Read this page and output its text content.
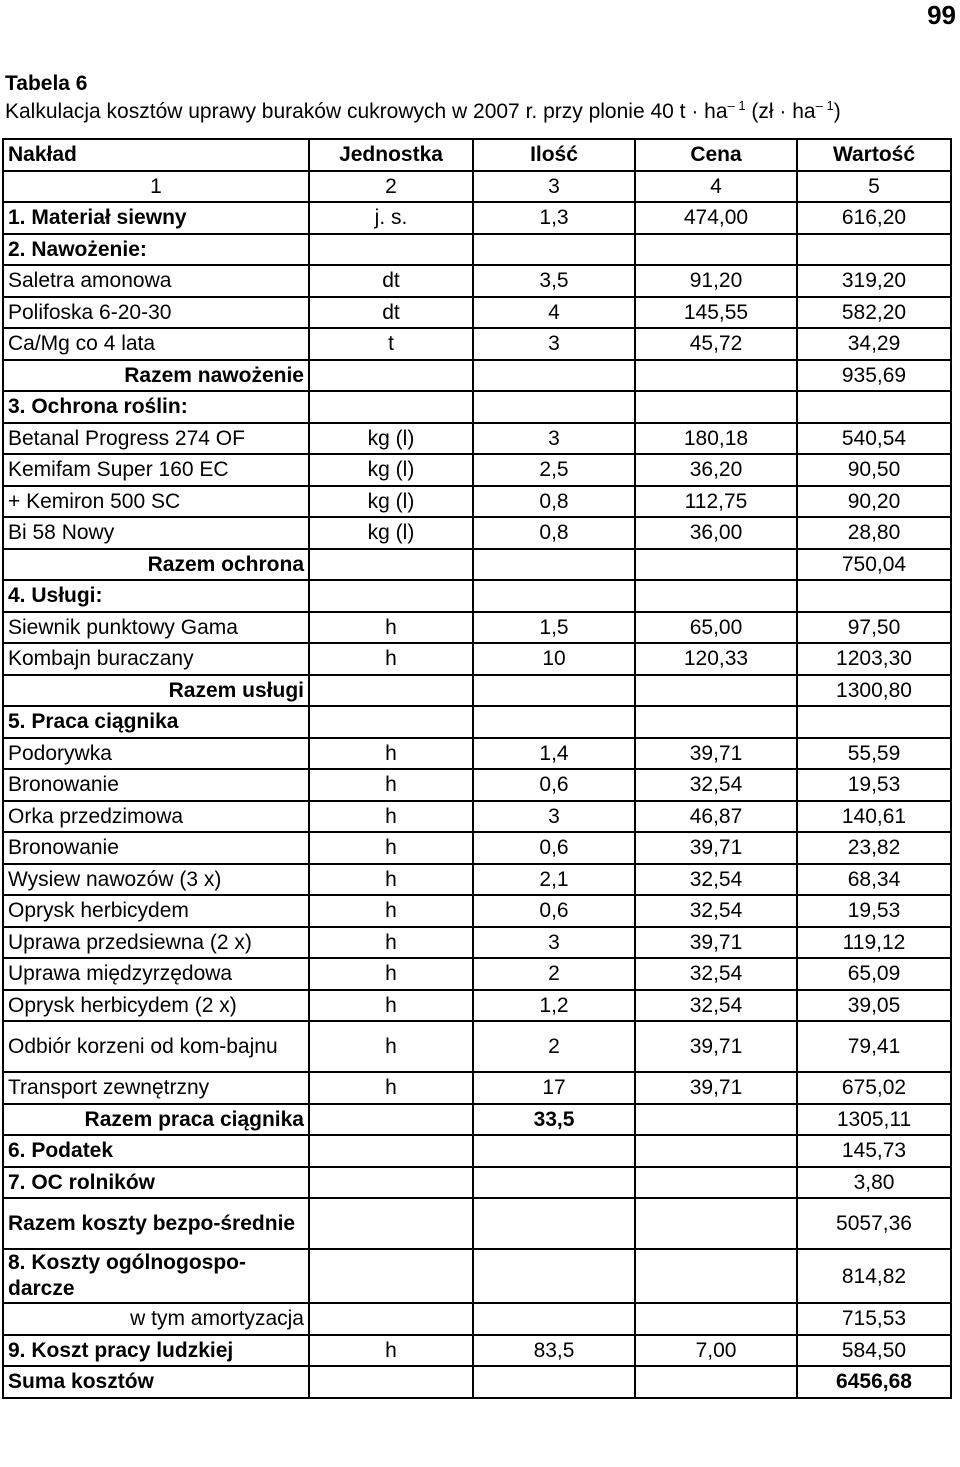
99
Tabela 6
Kalkulacja kosztów uprawy buraków cukrowych w 2007 r. przy plonie 40 $t \cdot ha^{- 1}$ (zł · $ha^{- 1}$)
Nakład	Jednostka	Ilość	Cena	Wartość
1	2	3	4	5
1. Materiał siewny	j. s.	1,3	474,00	616,20
2. Nawożenie:				
Saletra amonowa	dt	3,5	91,20	319,20
Polifoska 6-20-30	dt	4	145,55	582,20
Ca/Mg co 4 lata	t	3	45,72	34,29
Razem nawożenie				935,69
3. Ochrona roślin:				
Betanal Progress 274 OF	kg (l)	3	180,18	540,54
Kemifam Super 160 EC	kg (l)	2,5	36,20	90,50
+ Kemiron 500 SC	kg (l)	0,8	112,75	90,20
Bi 58 Nowy	kg (l)	0,8	36,00	28,80
Razem ochrona				750,04
4. Usługi:				
Siewnik punktowy Gama	h	1,5	65,00	97,50
Kombajn buraczany	h	10	120,33	1203,30
Razem usługi				1300,80
5. Praca ciągnika				
Podorywka	h	1,4	39,71	55,59
Bronowanie	h	0,6	32,54	19,53
Orka przedzimowa	h	3	46,87	140,61
Bronowanie	h	0,6	39,71	23,82
Wysiew nawozów (3 x)	h	2,1	32,54	68,34
Oprysk herbicydem	h	0,6	32,54	19,53
Uprawa przedsiewna (2 x)	h	3	39,71	119,12
Uprawa międzyrzędowa	h	2	32,54	65,09
Oprysk herbicydem (2 x)	h	1,2	32,54	39,05
Odbiór korzeni od kom-bajnu	h	2	39,71	79,41
Transport zewnętrzny	h	17	39,71	675,02
Razem praca ciągnika		33,5		1305,11
6. Podatek				145,73
7. OC rolników				3,80
Razem koszty bezpo-średnie				5057,36
8. Koszty ogólnogospo-darcze				814,82
w tym amortyzacja				715,53
9. Koszt pracy ludzkiej	h	83,5	7,00	584,50
Suma kosztów				6456,68
